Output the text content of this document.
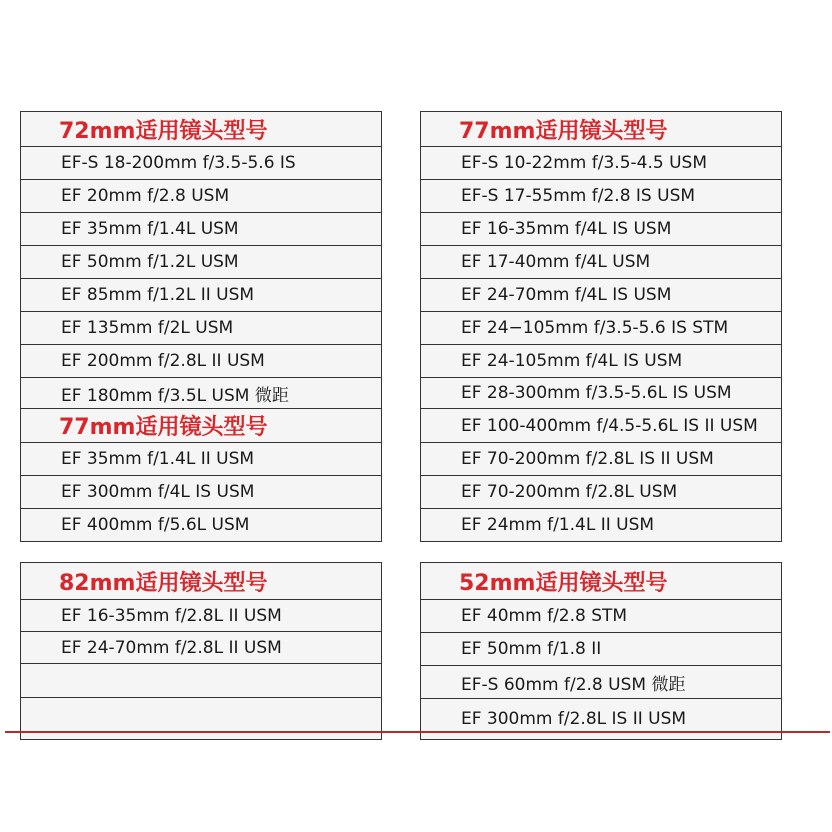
72mm适用镜头型号
EF-S 18-200mm f/3.5-5.6 IS
EF 20mm f/2.8 USM
EF 35mm f/1.4L USM
EF 50mm f/1.2L USM
EF 85mm f/1.2L II USM
EF 135mm f/2L USM
EF 200mm f/2.8L II USM
EF 180mm f/3.5L USM 微距
77mm适用镜头型号
EF 35mm f/1.4L II USM
EF 300mm f/4L IS USM
EF 400mm f/5.6L USM
77mm适用镜头型号
EF-S 10-22mm f/3.5-4.5 USM
EF-S 17-55mm f/2.8 IS USM
EF 16-35mm f/4L IS USM
EF 17-40mm f/4L USM
EF 24-70mm f/4L IS USM
EF 24−105mm f/3.5-5.6 IS STM
EF 24-105mm f/4L IS USM
EF 28-300mm f/3.5-5.6L IS USM
EF 100-400mm f/4.5-5.6L IS II USM
EF 70-200mm f/2.8L IS II USM
EF 70-200mm f/2.8L USM
EF 24mm f/1.4L II USM
82mm适用镜头型号
EF 16-35mm f/2.8L II USM
EF 24-70mm f/2.8L II USM
52mm适用镜头型号
EF 40mm f/2.8 STM
EF 50mm f/1.8 II
EF-S 60mm f/2.8 USM 微距
EF 300mm f/2.8L IS II USM
